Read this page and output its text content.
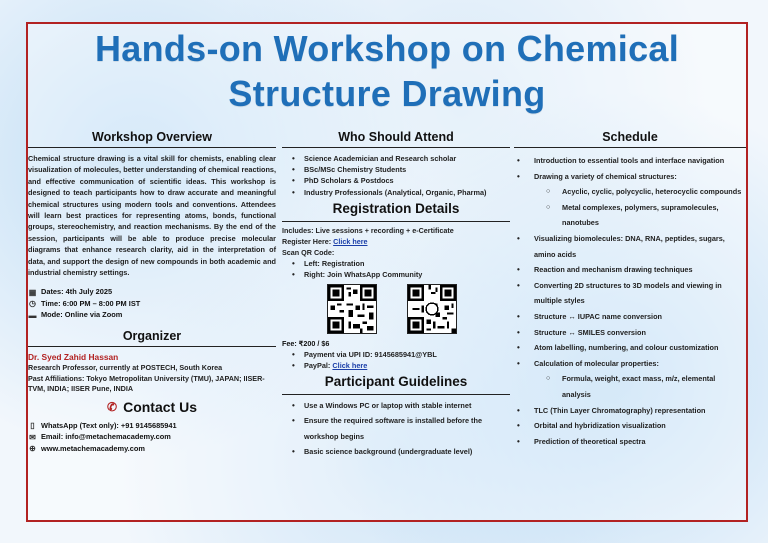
Hands-on Workshop on Chemical Structure Drawing
Workshop Overview

Chemical structure drawing is a vital skill for chemists, enabling clear visualization of molecules, better understanding of chemical reactions, and effective communication of scientific ideas. This workshop is designed to teach participants how to draw accurate and meaningful chemical structures using modern tools and conventions. Attendees will learn best practices for representing atoms, bonds, functional groups, stereochemistry, and reaction mechanisms. By the end of the session, participants will be able to produce precise molecular diagrams that enhance research clarity, aid in the interpretation of data, and support the design of new compounds in both academic and industrial chemistry settings.

▦ Dates: 4th July 2025
◷ Time: 6:00 PM – 8:00 PM IST
▬ Mode: Online via Zoom
Organizer
Dr. Syed Zahid Hassan
Research Professor, currently at POSTECH, South Korea
Past Affiliations: Tokyo Metropolitan University (TMU), JAPAN; IISER-TVM, INDIA; IISER Pune, INDIA
✆ Contact Us
▯ WhatsApp (Text only): +91 9145685941
✉ Email: info@metachemacademy.com
⊕ www.metachemacademy.com
Who Should Attend
• Science Academician and Research scholar
• BSc/MSc Chemistry Students
• PhD Scholars & Postdocs
• Industry Professionals (Analytical, Organic, Pharma)
Registration Details
Includes: Live sessions + recording + e-Certificate
Register Here: Click here
Scan QR Code:
• Left: Registration
• Right: Join WhatsApp Community
Fee: ₹200 / $6
• Payment via UPI ID: 9145685941@YBL
• PayPal: Click here
Participant Guidelines
• Use a Windows PC or laptop with stable internet
• Ensure the required software is installed before the workshop begins
• Basic science background (undergraduate level)
Schedule
• Introduction to essential tools and interface navigation
• Drawing a variety of chemical structures:
○ Acyclic, cyclic, polycyclic, heterocyclic compounds
○ Metal complexes, polymers, supramolecules, nanotubes
• Visualizing biomolecules: DNA, RNA, peptides, sugars, amino acids
• Reaction and mechanism drawing techniques
• Converting 2D structures to 3D models and viewing in multiple styles
• Structure ↔ IUPAC name conversion
• Structure ↔ SMILES conversion
• Atom labelling, numbering, and colour customization
• Calculation of molecular properties:
○ Formula, weight, exact mass, m/z, elemental analysis
• TLC (Thin Layer Chromatography) representation
• Orbital and hybridization visualization
• Prediction of theoretical spectra
